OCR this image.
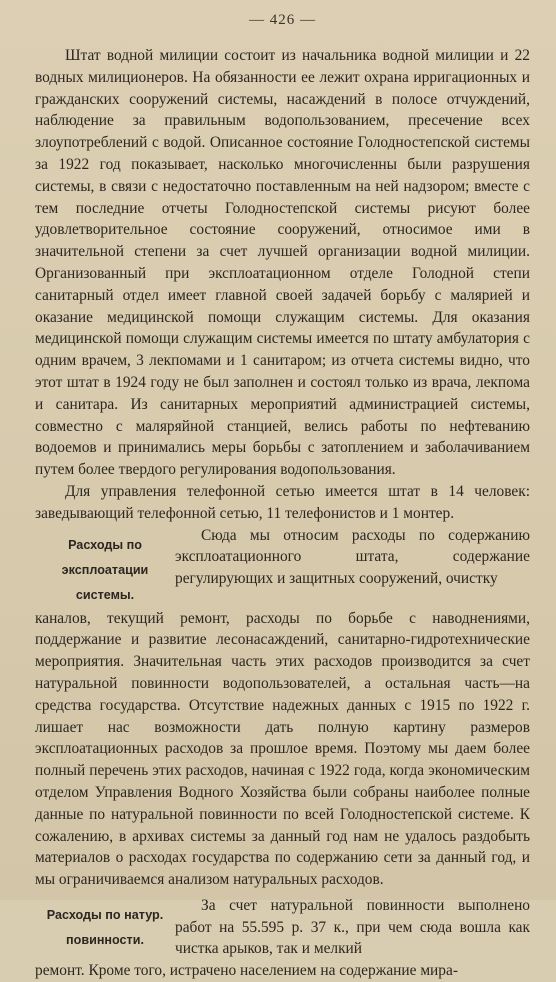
— 426 —

Штат водной милиции состоит из начальника водной милиции и 22 водных милиционеров. На обязанности ее лежит охрана ирригационных и гражданских сооружений системы, насаждений в полосе отчуждений, наблюдение за правильным водопользованием, пресечение всех злоупотреблений с водой. Описанное состояние Голодностепской системы за 1922 год показывает, насколько многочисленны были разрушения системы, в связи с недостаточно поставленным на ней надзором; вместе с тем последние отчеты Голодностепской системы рисуют более удовлетворительное состояние сооружений, относимое ими в значительной степени за счет лучшей организации водной милиции. Организованный при эксплоатационном отделе Голодной степи санитарный отдел имеет главной своей задачей борьбу с малярией и оказание медицинской помощи служащим системы. Для оказания медицинской помощи служащим системы имеется по штату амбулатория с одним врачем, 3 лекпомами и 1 санитаром; из отчета системы видно, что этот штат в 1924 году не был заполнен и состоял только из врача, лекпома и санитара. Из санитарных мероприятий администрацией системы, совместно с маляряйной станцией, велись работы по нефтеванию водоемов и принимались меры борьбы с затоплением и заболачиванием путем более твердого регулирования водопользования.

Для управления телефонной сетью имеется штат в 14 человек: заведывающий телефонной сетью, 11 телефонистов и 1 монтер.

Расходы по эксплоатации системы.

Сюда мы относим расходы по содержанию эксплоатационного штата, содержание регулирующих и защитных сооружений, очистку

каналов, текущий ремонт, расходы по борьбе с наводнениями, поддержание и развитие лесонасаждений, санитарно-гидротехнические мероприятия. Значительная часть этих расходов производится за счет натуральной повинности водопользователей, а остальная часть—на средства государства. Отсутствие надежных данных с 1915 по 1922 г. лишает нас возможности дать полную картину размеров эксплоатационных расходов за прошлое время. Поэтому мы даем более полный перечень этих расходов, начиная с 1922 года, когда экономическим отделом Управления Водного Хозяйства были собраны наиболее полные данные по натуральной повинности по всей Голодностепской системе. К сожалению, в архивах системы за данный год нам не удалось раздобыть материалов о расходах государства по содержанию сети за данный год, и мы ограничиваемся анализом натуральных расходов.

Расходы по натур. повинности.

За счет натуральной повинности выполнено работ на 55.595 р. 37 к., при чем сюда вошла как чистка арыков, так и мелкий

ремонт. Кроме того, истрачено населением на содержание мира-
